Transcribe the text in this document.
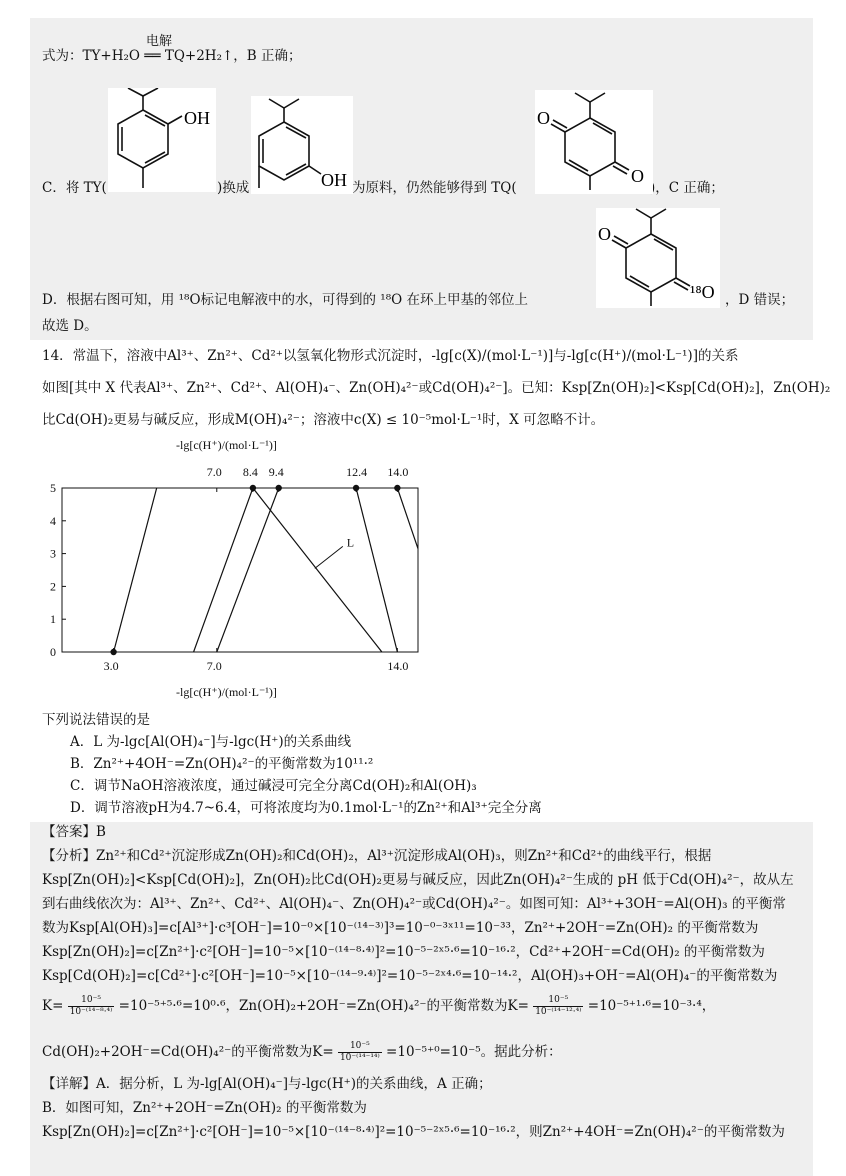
式为：TY+H₂O ══ TQ+2H₂↑，B 正确；
电解
C．将 TY(	)换成	为原料，仍然能够得到 TQ(	)，C 正确；
D．根据右图可知，用 ¹⁸O标记电解液中的水，可得到的 ¹⁸O 在环上甲基的邻位上	，D 错误；
故选 D。
OH
OH
O
O
O
¹⁸O
14．常温下，溶液中Al³⁺、Zn²⁺、Cd²⁺以氢氧化物形式沉淀时，-lg[c(X)/(mol·L⁻¹)]与-lg[c(H⁺)/(mol·L⁻¹)]的关系
如图[其中 X 代表Al³⁺、Zn²⁺、Cd²⁺、Al(OH)₄⁻、Zn(OH)₄²⁻或Cd(OH)₄²⁻]。已知：Ksp[Zn(OH)₂]<Ksp[Cd(OH)₂]，Zn(OH)₂
比Cd(OH)₂更易与碱反应，形成M(OH)₄²⁻；溶液中c(X) ≤ 10⁻⁵mol·L⁻¹时，X 可忽略不计。
-lg[c(H⁺)/(mol·L⁻¹)]
-lg[c(H⁺)/(mol·L⁻¹)]
0
1
2
3
4
5
3.0	7.0	14.0
7.0 8.4 9.4	12.4 14.0
L
下列说法错误的是
A．L 为-lgc[Al(OH)₄⁻]与-lgc(H⁺)的关系曲线
B．Zn²⁺+4OH⁻=Zn(OH)₄²⁻的平衡常数为10¹¹·²
C．调节NaOH溶液浓度，通过碱浸可完全分离Cd(OH)₂和Al(OH)₃
D．调节溶液pH为4.7~6.4，可将浓度均为0.1mol·L⁻¹的Zn²⁺和Al³⁺完全分离
【答案】B
【分析】Zn²⁺和Cd²⁺沉淀形成Zn(OH)₂和Cd(OH)₂，Al³⁺沉淀形成Al(OH)₃，则Zn²⁺和Cd²⁺的曲线平行，根据
Ksp[Zn(OH)₂]<Ksp[Cd(OH)₂]，Zn(OH)₂比Cd(OH)₂更易与碱反应，因此Zn(OH)₄²⁻生成的 pH 低于Cd(OH)₄²⁻，故从左
到右曲线依次为：Al³⁺、Zn²⁺、Cd²⁺、Al(OH)₄⁻、Zn(OH)₄²⁻或Cd(OH)₄²⁻。如图可知：Al³⁺+3OH⁻=Al(OH)₃ 的平衡常
数为Ksp[Al(OH)₃]=c[Al³⁺]·c³[OH⁻]=10⁻⁰×[10⁻⁽¹⁴⁻³⁾]³=10⁻⁰⁻³ˣ¹¹=10⁻³³，Zn²⁺+2OH⁻=Zn(OH)₂ 的平衡常数为
Ksp[Zn(OH)₂]=c[Zn²⁺]·c²[OH⁻]=10⁻⁵×[10⁻⁽¹⁴⁻⁸·⁴⁾]²=10⁻⁵⁻²ˣ⁵·⁶=10⁻¹⁶·²，Cd²⁺+2OH⁻=Cd(OH)₂ 的平衡常数为
Ksp[Cd(OH)₂]=c[Cd²⁺]·c²[OH⁻]=10⁻⁵×[10⁻⁽¹⁴⁻⁹·⁴⁾]²=10⁻⁵⁻²ˣ⁴·⁶=10⁻¹⁴·²，Al(OH)₃+OH⁻=Al(OH)₄⁻的平衡常数为
$K= \frac{\text{10⁻⁵}}{\text{10⁻⁽¹⁴⁻⁸·⁴⁾}} =10^{-5+5}\cdot^6=10^0\cdot^6$，Zn(OH)₂+2OH⁻=Zn(OH)₄²⁻的平衡常数为$K= \frac{\text{10⁻⁵}}{\text{10⁻⁽¹⁴⁻¹²·⁴⁾}} =10^{-5+1}\cdot^6=10^{-3}\cdot^4$，
Cd(OH)₂+2OH⁻=Cd(OH)₄²⁻的平衡常数为$K= \frac{\text{10⁻⁵}}{\text{10⁻⁽¹⁴⁻¹⁴⁾}} =10^{-5+0}=10^{-5}$。据此分析：
【详解】A．据分析，L 为-lg[Al(OH)₄⁻]与-lgc(H⁺)的关系曲线，A 正确；
B．如图可知，Zn²⁺+2OH⁻=Zn(OH)₂ 的平衡常数为
Ksp[Zn(OH)₂]=c[Zn²⁺]·c²[OH⁻]=10⁻⁵×[10⁻⁽¹⁴⁻⁸·⁴⁾]²=10⁻⁵⁻²ˣ⁵·⁶=10⁻¹⁶·²，则Zn²⁺+4OH⁻=Zn(OH)₄²⁻的平衡常数为
